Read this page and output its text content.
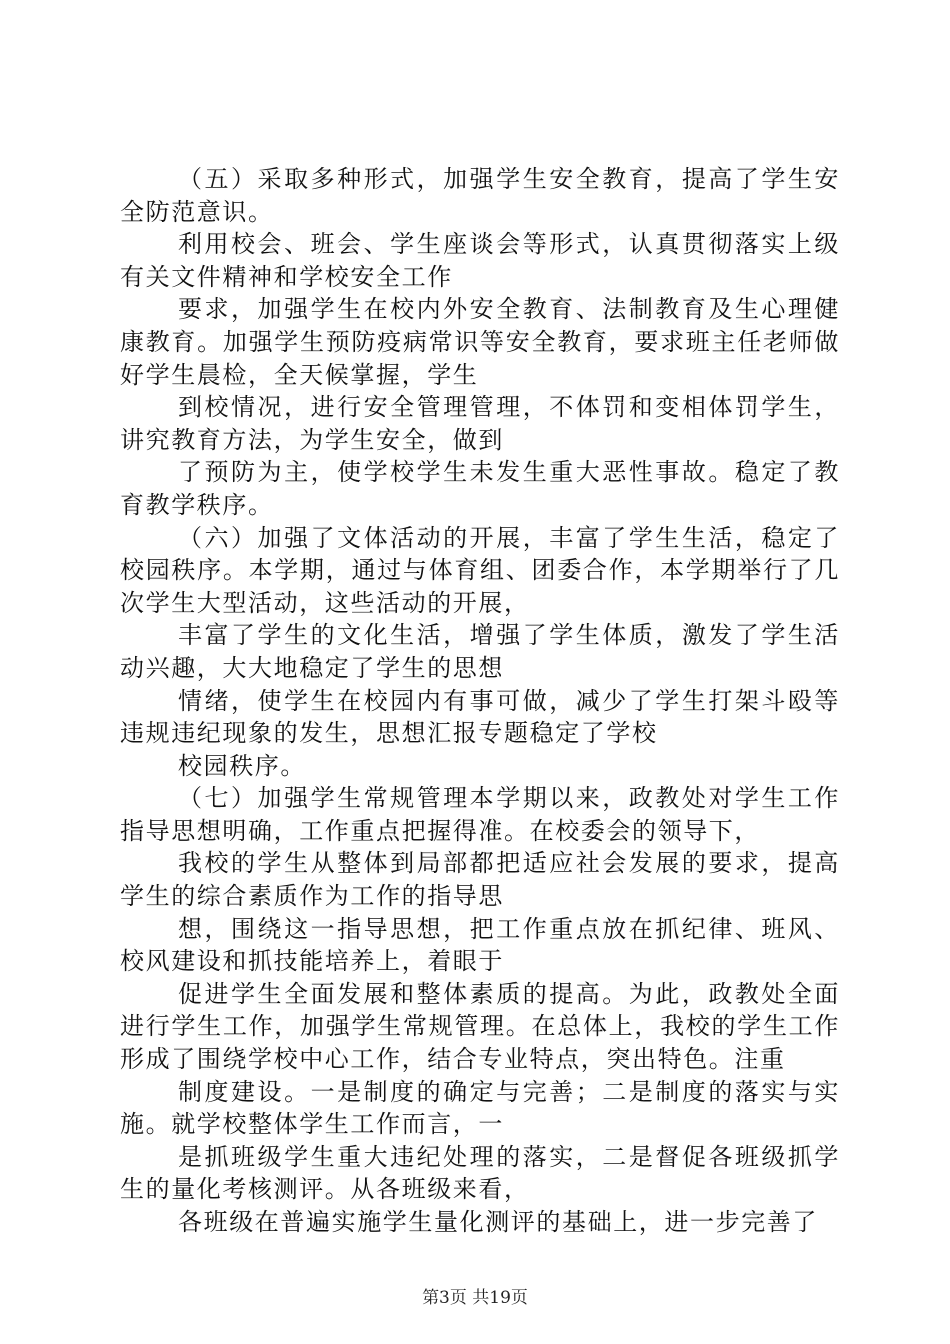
（五）采取多种形式，加强学生安全教育，提高了学生安全防范意识。

利用校会、班会、学生座谈会等形式，认真贯彻落实上级有关文件精神和学校安全工作

要求，加强学生在校内外安全教育、法制教育及生心理健康教育。加强学生预防疫病常识等安全教育，要求班主任老师做好学生晨检，全天候掌握，学生

到校情况，进行安全管理管理，不体罚和变相体罚学生，讲究教育方法，为学生安全，做到

了预防为主，使学校学生未发生重大恶性事故。稳定了教育教学秩序。

（六）加强了文体活动的开展，丰富了学生生活，稳定了校园秩序。本学期，通过与体育组、团委合作，本学期举行了几次学生大型活动，这些活动的开展，

丰富了学生的文化生活，增强了学生体质，激发了学生活动兴趣，大大地稳定了学生的思想

情绪，使学生在校园内有事可做，减少了学生打架斗殴等违规违纪现象的发生，思想汇报专题稳定了学校

校园秩序。

（七）加强学生常规管理本学期以来，政教处对学生工作指导思想明确，工作重点把握得准。在校委会的领导下，

我校的学生从整体到局部都把适应社会发展的要求，提高学生的综合素质作为工作的指导思

想，围绕这一指导思想，把工作重点放在抓纪律、班风、校风建设和抓技能培养上，着眼于

促进学生全面发展和整体素质的提高。为此，政教处全面进行学生工作，加强学生常规管理。在总体上，我校的学生工作形成了围绕学校中心工作，结合专业特点，突出特色。注重

制度建设。一是制度的确定与完善；二是制度的落实与实施。就学校整体学生工作而言，一

是抓班级学生重大违纪处理的落实，二是督促各班级抓学生的量化考核测评。从各班级来看，

各班级在普遍实施学生量化测评的基础上，进一步完善了

第3页 共19页
